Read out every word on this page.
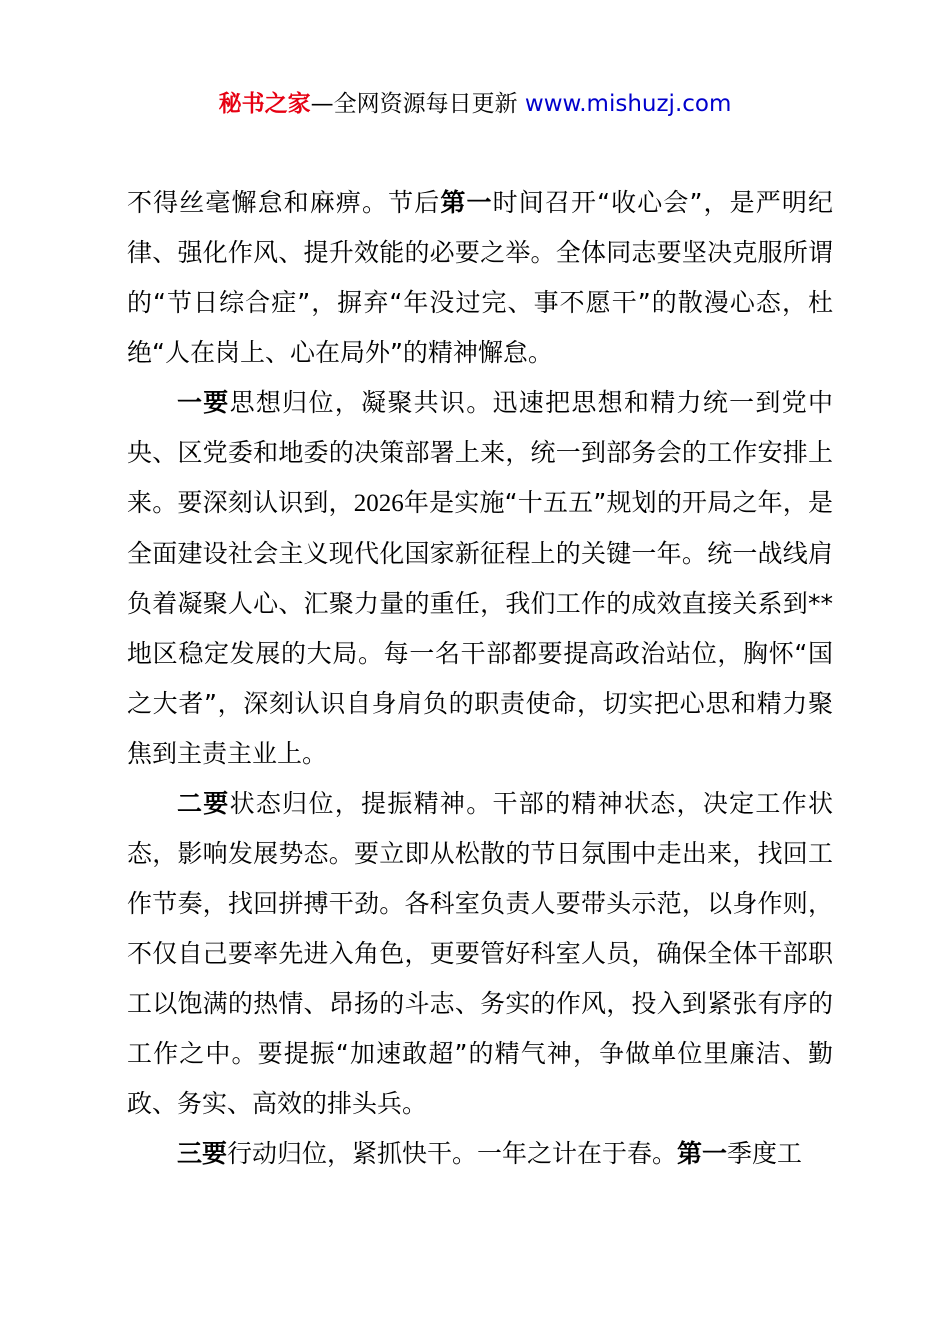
秘书之家—全网资源每日更新 www.mishuzj.com

不得丝毫懈怠和麻痹。节后第一时间召开“收心会”，是严明纪律、强化作风、提升效能的必要之举。全体同志要坚决克服所谓的“节日综合症”，摒弃“年没过完、事不愿干”的散漫心态，杜绝“人在岗上、心在局外”的精神懈怠。

一要思想归位，凝聚共识。迅速把思想和精力统一到党中央、区党委和地委的决策部署上来，统一到部务会的工作安排上来。要深刻认识到，2026年是实施“十五五”规划的开局之年，是全面建设社会主义现代化国家新征程上的关键一年。统一战线肩负着凝聚人心、汇聚力量的重任，我们工作的成效直接关系到**地区稳定发展的大局。每一名干部都要提高政治站位，胸怀“国之大者”，深刻认识自身肩负的职责使命，切实把心思和精力聚焦到主责主业上。

二要状态归位，提振精神。干部的精神状态，决定工作状态，影响发展势态。要立即从松散的节日氛围中走出来，找回工作节奏，找回拼搏干劲。各科室负责人要带头示范，以身作则，不仅自己要率先进入角色，更要管好科室人员，确保全体干部职工以饱满的热情、昂扬的斗志、务实的作风，投入到紧张有序的工作之中。要提振“加速敢超”的精气神，争做单位里廉洁、勤政、务实、高效的排头兵。

三要行动归位，紧抓快干。一年之计在于春。第一季度工
